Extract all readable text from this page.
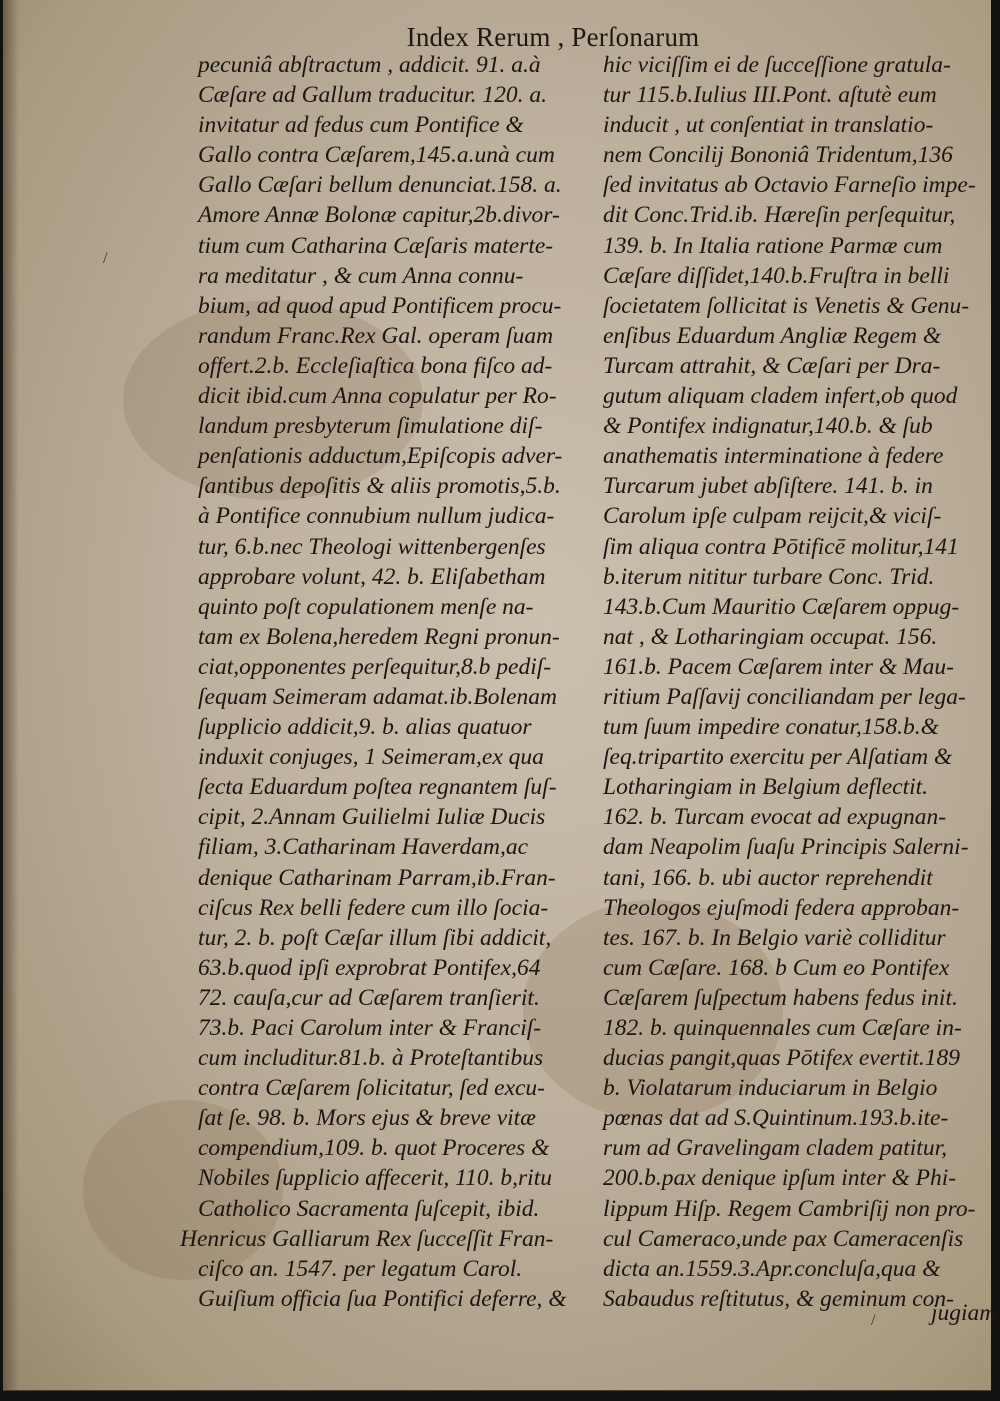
Index Rerum , Perſonarum
pecuniâ abſtractum , addicit. 91. a.à
Cæſare ad Gallum traducitur. 120. a.
invitatur ad fedus cum Pontifice &
Gallo contra Cæſarem,145.a.unà cum
Gallo Cæſari bellum denunciat.158. a.
Amore Annæ Bolonæ capitur,2b.divor-
tium cum Catharina Cæſaris materte-
ra meditatur , & cum Anna connu-
bium, ad quod apud Pontificem procu-
randum Franc.Rex Gal. operam ſuam
offert.2.b. Eccleſiaſtica bona fiſco ad-
dicit ibid.cum Anna copulatur per Ro-
landum presbyterum ſimulatione diſ-
penſationis adductum,Epiſcopis adver-
ſantibus depoſitis & aliis promotis,5.b.
à Pontifice connubium nullum judica-
tur, 6.b.nec Theologi wittenbergenſes
approbare volunt, 42. b. Eliſabetham
quinto poſt copulationem menſe na-
tam ex Bolena,heredem Regni pronun-
ciat,opponentes perſequitur,8.b pediſ-
ſequam Seimeram adamat.ib.Bolenam
ſupplicio addicit,9. b. alias quatuor
induxit conjuges, 1 Seimeram,ex qua
ſecta Eduardum poſtea regnantem ſuſ-
cipit, 2.Annam Guilielmi Iuliæ Ducis
filiam, 3.Catharinam Haverdam,ac
denique Catharinam Parram,ib.Fran-
ciſcus Rex belli federe cum illo ſocia-
tur, 2. b. poſt Cæſar illum ſibi addicit,
63.b.quod ipſi exprobrat Pontifex,64
72. cauſa,cur ad Cæſarem tranſierit.
73.b. Paci Carolum inter & Franciſ-
cum includitur.81.b. à Proteſtantibus
contra Cæſarem ſolicitatur, ſed excu-
ſat ſe. 98. b. Mors ejus & breve vitæ
compendium,109. b. quot Proceres &
Nobiles ſupplicio affecerit, 110. b,ritu
Catholico Sacramenta ſuſcepit, ibid.
Henricus Galliarum Rex ſucceſſit Fran-
ciſco an. 1547. per legatum Carol.
Guiſium officia ſua Pontifici deferre, &
hic viciſſim ei de ſucceſſione gratula-
tur 115.b.Iulius III.Pont. aſtutè eum
inducit , ut conſentiat in translatio-
nem Concilij Bononiâ Tridentum,136
ſed invitatus ab Octavio Farneſio impe-
dit Conc.Trid.ib. Hæreſin perſequitur,
139. b. In Italia ratione Parmæ cum
Cæſare diſſidet,140.b.Fruſtra in belli
ſocietatem ſollicitat is Venetis & Genu-
enſibus Eduardum Angliæ Regem &
Turcam attrahit, & Cæſari per Dra-
gutum aliquam cladem infert,ob quod
& Pontifex indignatur,140.b. & ſub
anathematis interminatione à federe
Turcarum jubet abſiſtere. 141. b. in
Carolum ipſe culpam reijcit,& viciſ-
ſim aliqua contra Pōtificē molitur,141
b.iterum nititur turbare Conc. Trid.
143.b.Cum Mauritio Cæſarem oppug-
nat , & Lotharingiam occupat. 156.
161.b. Pacem Cæſarem inter & Mau-
ritium Paſſavij conciliandam per lega-
tum ſuum impedire conatur,158.b.&
ſeq.tripartito exercitu per Alſatiam &
Lotharingiam in Belgium deflectit.
162. b. Turcam evocat ad expugnan-
dam Neapolim ſuaſu Principis Salerni-
tani, 166. b. ubi auctor reprehendit
Theologos ejuſmodi federa approban-
tes. 167. b. In Belgio variè colliditur
cum Cæſare. 168. b Cum eo Pontifex
Cæſarem ſuſpectum habens fedus init.
182. b. quinquennales cum Cæſare in-
ducias pangit,quas Pōtifex evertit.189
b. Violatarum induciarum in Belgio
pœnas dat ad S.Quintinum.193.b.ite-
rum ad Gravelingam cladem patitur,
200.b.pax denique ipſum inter & Phi-
lippum Hiſp. Regem Cambriſij non pro-
cul Cameraco,unde pax Cameracenſis
dicta an.1559.3.Apr.concluſa,qua &
Sabaudus reſtitutus, & geminum con-
jugiam
/
/
